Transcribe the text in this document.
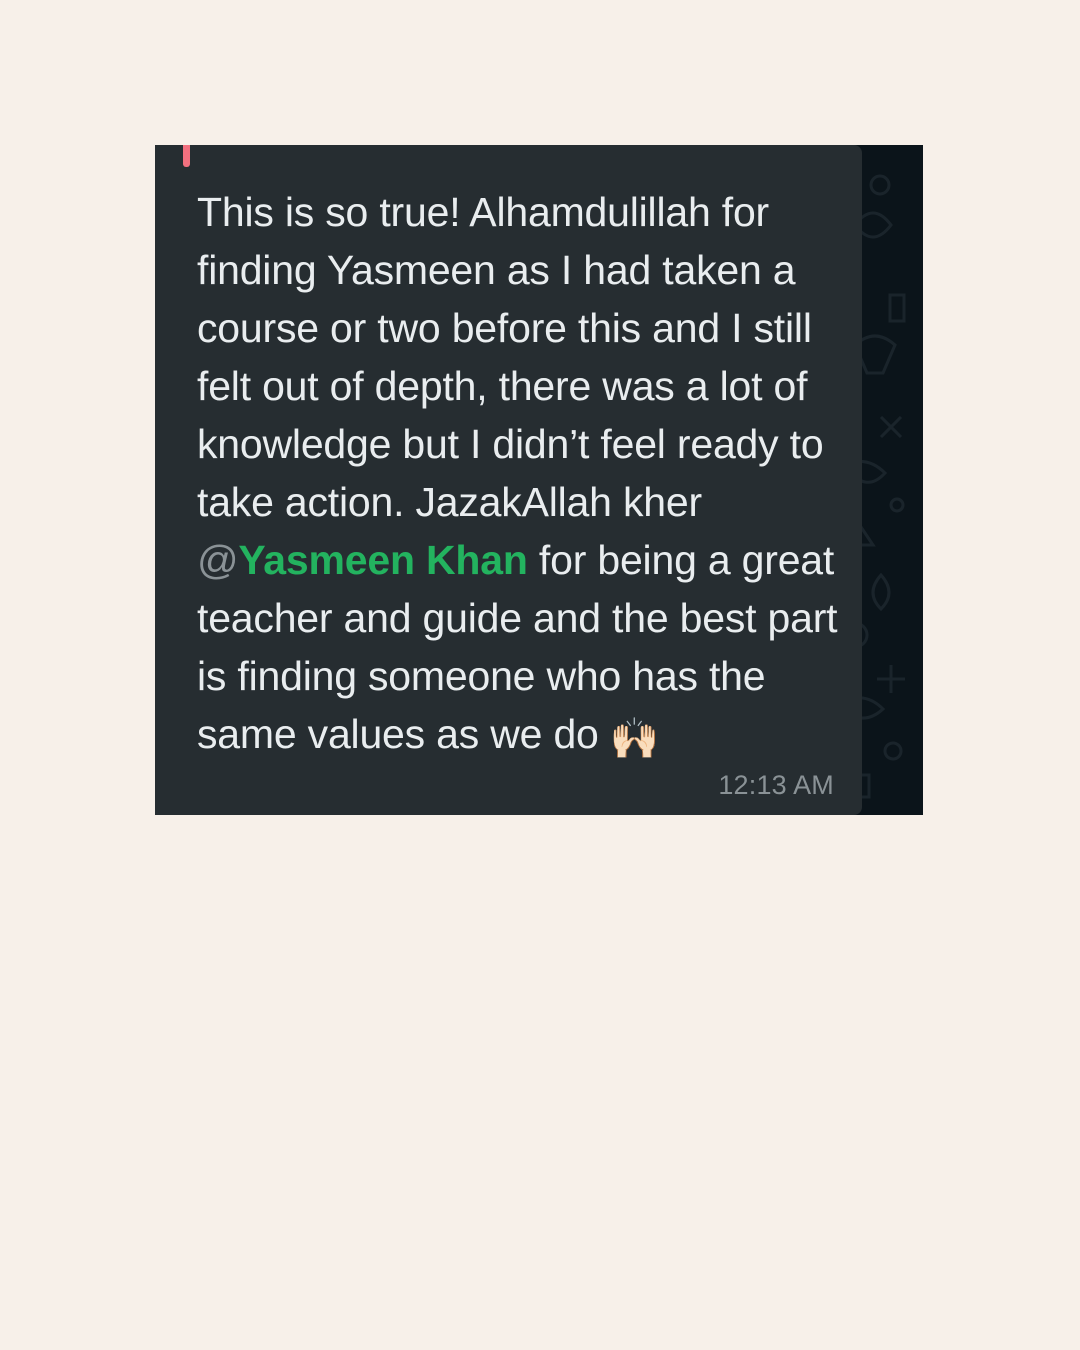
This is so true! Alhamdulillah for finding Yasmeen as I had taken a course or two before this and I still felt out of depth, there was a lot of knowledge but I didn’t feel ready to take action. JazakAllah kher @Yasmeen Khan for being a great teacher and guide and the best part is finding someone who has the same values as we do 🙌🏻

12:13 AM
